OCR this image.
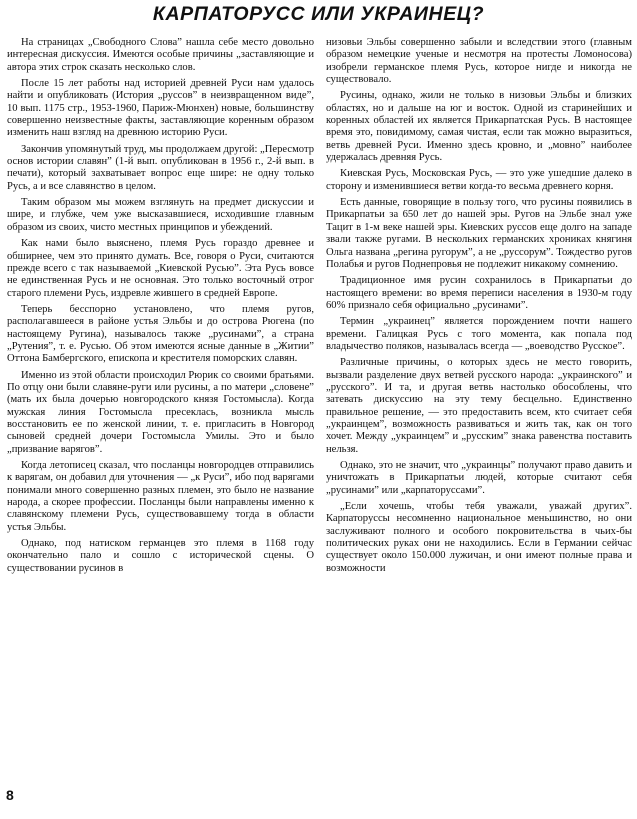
КАРПАТОРУСС ИЛИ УКРАИНЕЦ?

На страницах „Свободного Слова” нашла себе место довольно интересная дискуссия. Имеются особые причины „заставляющие и автора этих строк сказать несколько слов.

После 15 лет работы над историей древней Руси нам удалось найти и опубликовать (История „руссов” в неизвращенном виде”, 10 вып. 1175 стр., 1953-1960, Париж-Мюнхен) новые, большинству совершенно неизвестные факты, заставляющие коренным образом изменить наш взгляд на древнюю историю Руси.

Закончив упомянутый труд, мы продолжаем другой: „Пересмотр основ истории славян” (1-й вып. опубликован в 1956 г., 2-й вып. в печати), который захватывает вопрос еще шире: не одну только Русь, а и все славянство в целом.

Таким образом мы можем взглянуть на предмет дискуссии и шире, и глубже, чем уже высказавшиеся, исходившие главным образом из своих, чисто местных принципов и убеждений.

Как нами было выяснено, племя Русь гораздо древнее и обширнее, чем это принято думать. Все, говоря о Руси, считаются прежде всего с так называемой „Киевской Русью”. Эта Русь вовсе не единственная Русь и не основная. Это только восточный отрог старого племени Русь, издревле жившего в средней Европе.

Теперь бесспорно установлено, что племя ругов, располагавшееся в районе устья Эльбы и до острова Рюгена (по настоящему Ругина), называлось также „русинами”, а страна „Рутения”, т. е. Русью. Об этом имеются ясные данные в „Житии” Оттона Бамбергского, епископа и крестителя поморских славян.

Именно из этой области происходил Рюрик со своими братьями. По отцу они были славяне-руги или русины, а по матери „словене” (мать их была дочерью новгородского князя Гостомысла). Когда мужская линия Гостомысла пресеклась, возникла мысль восстановить ее по женской линии, т. е. пригласить в Новгород сыновей средней дочери Гостомысла Умилы. Это и было „призвание варягов”.

Когда летописец сказал, что посланцы новгородцев отправились к варягам, он добавил для уточнения — „к Руси”, ибо под варягами понимали много совершенно разных племен, это было не название народа, а скорее профессии. Посланцы были направлены именно к славянскому племени Русь, существовавшему тогда в области устья Эльбы.

Однако, под натиском германцев это племя в 1168 году окончательно пало и сошло с исторической сцены. О существовании русинов в

низовьи Эльбы совершенно забыли и вследствии этого (главным образом немецкие ученые и несмотря на протесты Ломоносова) изобрели германское племя Русь, которое нигде и никогда не существовало.

Русины, однако, жили не только в низовьи Эльбы и близких областях, но и дальше на юг и восток. Одной из старинейших и коренных областей их является Прикарпатская Русь. В настоящее время это, повидимому, самая чистая, если так можно выразиться, ветвь древней Руси. Именно здесь кровно, и „мовно” наиболее удержалась древняя Русь.

Киевская Русь, Московская Русь, — это уже ушедшие далеко в сторону и изменившиеся ветви когда-то весьма древнего корня.

Есть данные, говорящие в пользу того, что русины появились в Прикарпатьи за 650 лет до нашей эры. Ругов на Эльбе знал уже Тацит в 1-м веке нашей эры. Киевских руссов еще долго на западе звали также ругами. В нескольких германских хрониках княгиня Ольга названа „регина ругорум”, а не „руссорум”. Тождество ругов Полабья и ругов Поднепровья не подлежит никакому сомнению.

Традиционное имя русин сохранилось в Прикарпатьи до настоящего времени: во время переписи населения в 1930-м году 60% признало себя официально „русинами”.

Термин „украинец” является порождением почти нашего времени. Галицкая Русь с того момента, как попала под владычество поляков, называлась всегда — „воеводство Русское”.

Различные причины, о которых здесь не место говорить, вызвали разделение двух ветвей русского народа: „украинского” и „русского”. И та, и другая ветвь настолько обособлены, что затевать дискуссию на эту тему бесцельно. Единственно правильное решение, — это предоставить всем, кто считает себя „украинцем”, возможность развиваться и жить так, как он того хочет. Между „украинцем” и „русским” знака равенства поставить нельзя.

Однако, это не значит, что „украинцы” получают право давить и уничтожать в Прикарпатьи людей, которые считают себя „русинами” или „карпаторуссами”.

„Если хочешь, чтобы тебя уважали, уважай других”. Карпаторуссы несомненно национальное меньшинство, но они заслуживают полного и особого покровительства в чьих-бы политических руках они не находились. Если в Германии сейчас существует около 150.000 лужичан, и они имеют полные права и возможности

8
